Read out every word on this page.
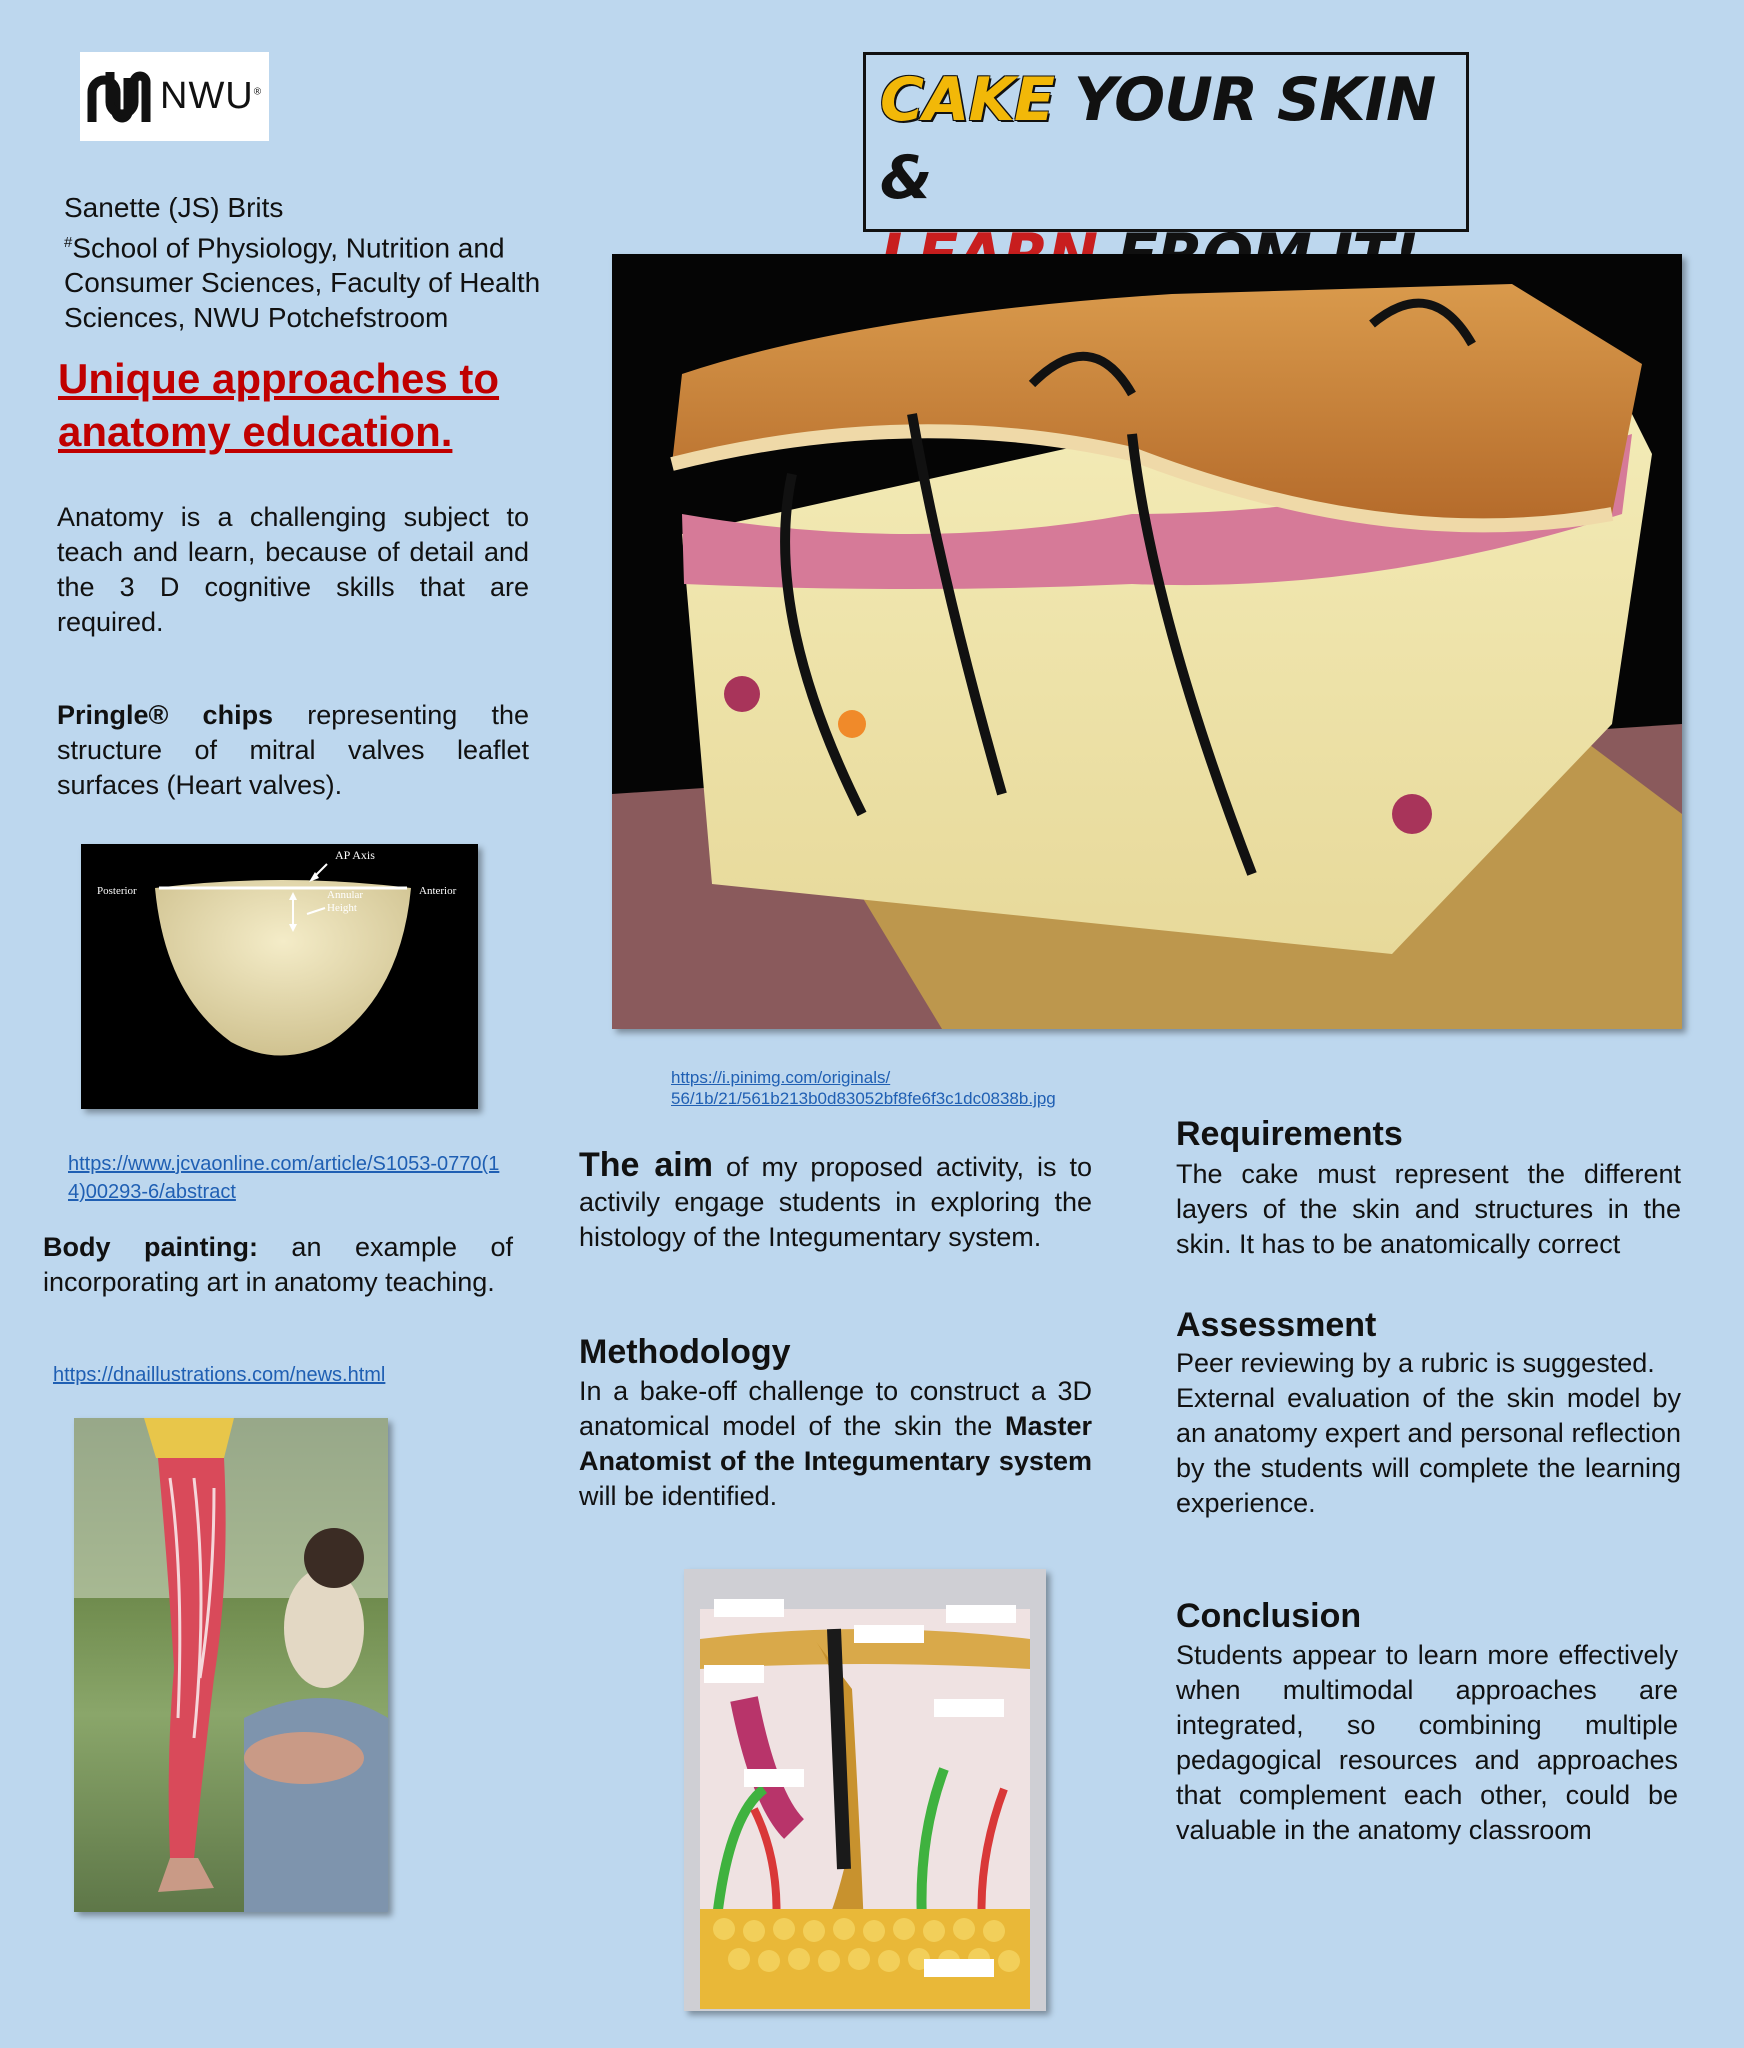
NWU®	CAKE YOUR SKIN &
Sanette (JS) Brits
#School of Physiology, Nutrition and Consumer Sciences, Faculty of Health Sciences, NWU Potchefstroom
Unique approaches to anatomy education.
Anatomy is a challenging subject to teach and learn, because of detail and the 3 D cognitive skills that are required.
Pringle® chips representing the structure of mitral valves leaflet surfaces (Heart valves).
AP Axis
Posterior	Anterior
Annular
Height
https://www.jcvaonline.com/article/S1053-0770(14)00293-6/abstract
Body painting: an example of incorporating art in anatomy teaching.
https://dnaillustrations.com/news.html
https://i.pinimg.com/originals/
56/1b/21/561b213b0d83052bf8fe6f3c1dc0838b.jpg
The aim of my proposed activity, is to activily engage students in exploring the histology of the Integumentary system.
Methodology
In a bake-off challenge to construct a 3D anatomical model of the skin the Master Anatomist of the Integumentary system will be identified.
Requirements
The cake must represent the different layers of the skin and structures in the skin. It has to be anatomically correct
Assessment
Peer reviewing by a rubric is suggested.
External evaluation of the skin model by an anatomy expert and personal reflection by the students will complete the learning experience.
Conclusion
Students appear to learn more effectively when multimodal approaches are integrated, so combining multiple pedagogical resources and approaches that complement each other, could be valuable in the anatomy classroom
